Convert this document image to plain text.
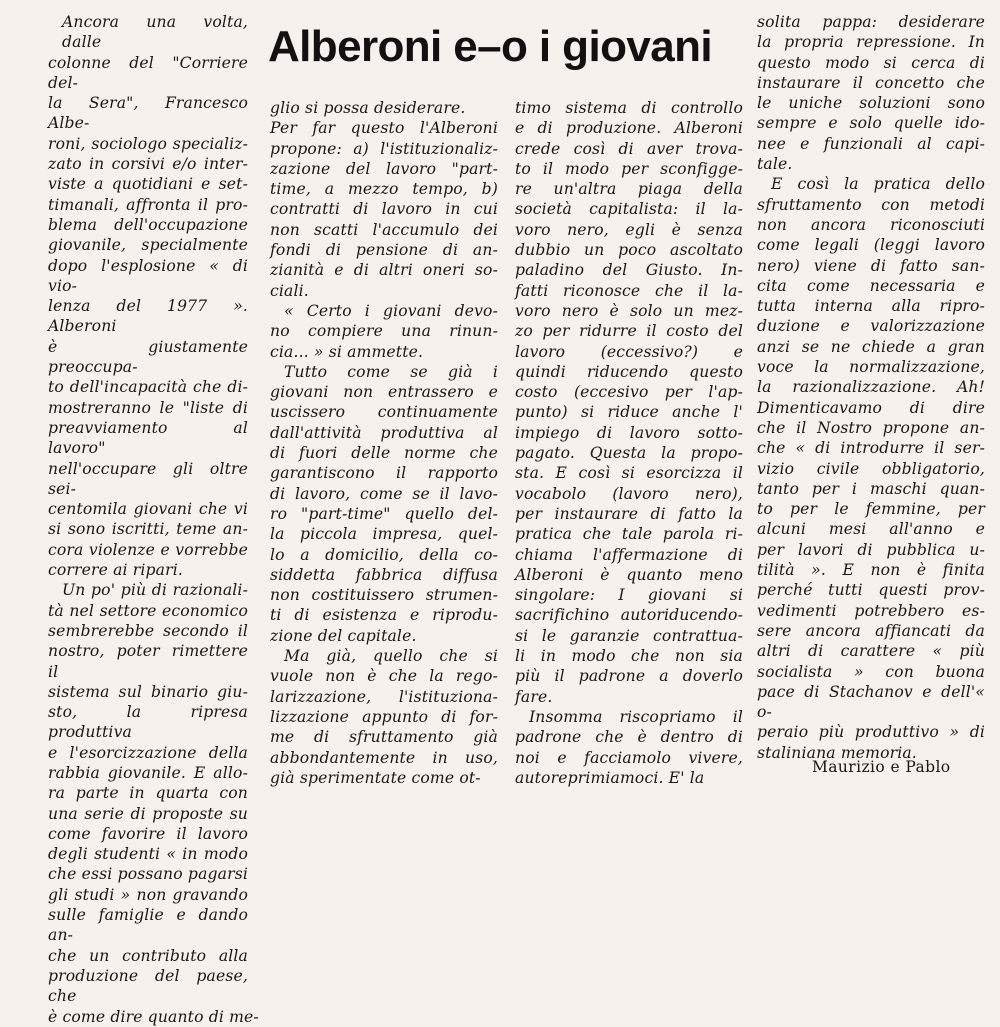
Alberoni e–o i giovani
Ancora una volta, dalle
colonne del "Corriere del-
la Sera", Francesco Albe-
roni, sociologo specializ-
zato in corsivi e/o inter-
viste a quotidiani e set-
timanali, affronta il pro-
blema dell'occupazione
giovanile, specialmente
dopo l'esplosione « di vio-
lenza del 1977 ». Alberoni
è giustamente preoccupa-
to dell'incapacità che di-
mostreranno le "liste di
preavviamento al lavoro"
nell'occupare gli oltre sei-
centomila giovani che vi
si sono iscritti, teme an-
cora violenze e vorrebbe
correre ai ripari.
Un po' più di razionali-
tà nel settore economico
sembrerebbe secondo il
nostro, poter rimettere il
sistema sul binario giu-
sto, la ripresa produttiva
e l'esorcizzazione della
rabbia giovanile. E allo-
ra parte in quarta con
una serie di proposte su
come favorire il lavoro
degli studenti « in modo
che essi possano pagarsi
gli studi » non gravando
sulle famiglie e dando an-
che un contributo alla
produzione del paese, che
è come dire quanto di me-
glio si possa desiderare.
Per far questo l'Alberoni
propone: a) l'istituzionaliz-
zazione del lavoro "part-
time, a mezzo tempo, b)
contratti di lavoro in cui
non scatti l'accumulo dei
fondi di pensione di an-
zianità e di altri oneri so-
ciali.
« Certo i giovani devo-
no compiere una rinun-
cia... » si ammette.
Tutto come se già i
giovani non entrassero e
uscissero continuamente
dall'attività produttiva al
di fuori delle norme che
garantiscono il rapporto
di lavoro, come se il lavo-
ro "part-time" quello del-
la piccola impresa, quel-
lo a domicilio, della co-
siddetta fabbrica diffusa
non costituissero strumen-
ti di esistenza e riprodu-
zione del capitale.
Ma già, quello che si
vuole non è che la rego-
larizzazione, l'istituziona-
lizzazione appunto di for-
me di sfruttamento già
abbondantemente in uso,
già sperimentate come ot-
timo sistema di controllo
e di produzione. Alberoni
crede così di aver trova-
to il modo per sconfigge-
re un'altra piaga della
società capitalista: il la-
voro nero, egli è senza
dubbio un poco ascoltato
paladino del Giusto. In-
fatti riconosce che il la-
voro nero è solo un mez-
zo per ridurre il costo del
lavoro (eccessivo?) e
quindi riducendo questo
costo (eccesivo per l'ap-
punto) si riduce anche l'
impiego di lavoro sotto-
pagato. Questa la propo-
sta. E così si esorcizza il
vocabolo (lavoro nero),
per instaurare di fatto la
pratica che tale parola ri-
chiama l'affermazione di
Alberoni è quanto meno
singolare: I giovani si
sacrifichino autoriducendo-
si le garanzie contrattua-
li in modo che non sia
più il padrone a doverlo
fare.
Insomma riscopriamo il
padrone che è dentro di
noi e facciamolo vivere,
autoreprimiamoci. E' la
solita pappa: desiderare
la propria repressione. In
questo modo si cerca di
instaurare il concetto che
le uniche soluzioni sono
sempre e solo quelle ido-
nee e funzionali al capi-
tale.
E così la pratica dello
sfruttamento con metodi
non ancora riconosciuti
come legali (leggi lavoro
nero) viene di fatto san-
cita come necessaria e
tutta interna alla ripro-
duzione e valorizzazione
anzi se ne chiede a gran
voce la normalizzazione,
la razionalizzazione. Ah!
Dimenticavamo di dire
che il Nostro propone an-
che « di introdurre il ser-
vizio civile obbligatorio,
tanto per i maschi quan-
to per le femmine, per
alcuni mesi all'anno e
per lavori di pubblica u-
tilità ». E non è finita
perché tutti questi prov-
vedimenti potrebbero es-
sere ancora affiancati da
altri di carattere « più
socialista » con buona
pace di Stachanov e dell'« o-
peraio più produttivo » di
staliniana memoria.
Maurizio e Pablo
